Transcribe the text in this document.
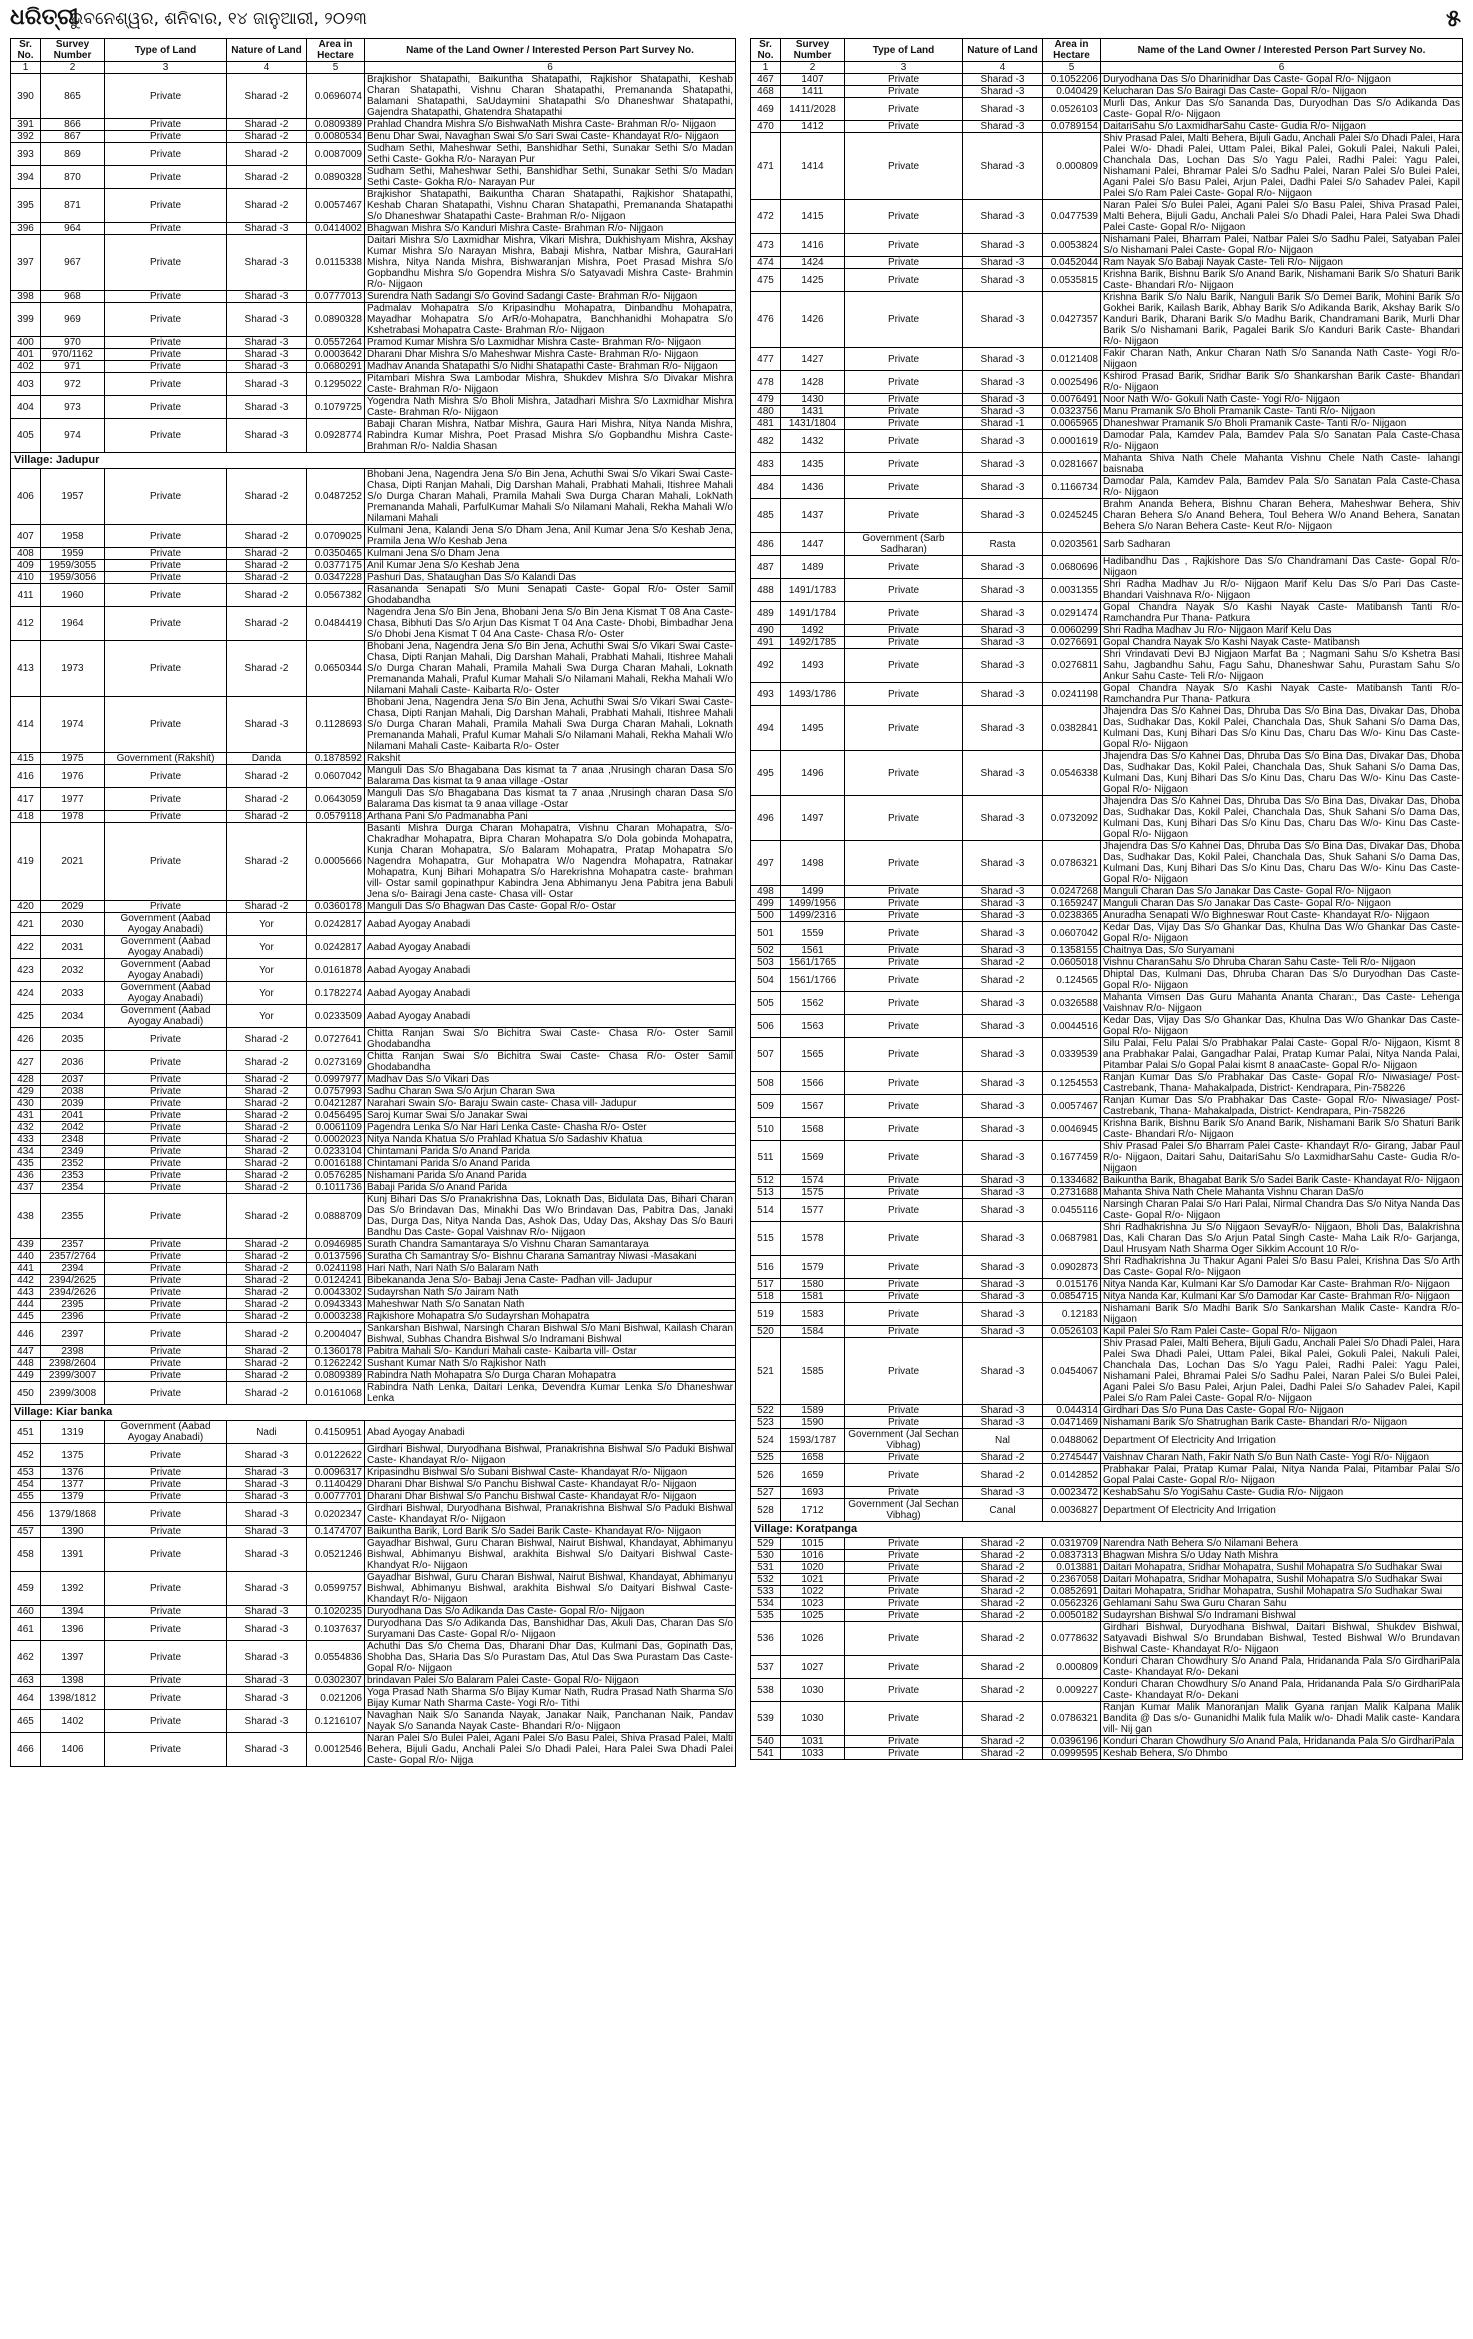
ଧରିତ୍ରୀ
ଭୁବନେଶ୍ୱର, ଶନିବାର, ୧୪ ଜାନୁଆରୀ, ୨୦୨୩	୫
Sr. No.	Survey Number	Type of Land	Nature of Land	Area in Hectare	Name of the Land Owner / Interested Person Part Survey No.
1	2	3	4	5	6
390	865	Private	Sharad -2	0.0696074	Brajkishor Shatapathi, Baikuntha Shatapathi, Rajkishor Shatapathi, Keshab Charan Shatapathi, Vishnu Charan Shatapathi, Premananda Shatapathi, Balamani Shatapathi, SaUdaymini Shatapathi S/o Dhaneshwar Shatapathi, Gajendra Shatapathi, Ghatendra Shatapathi
391	866	Private	Sharad -2	0.0809389	Prahlad Chandra Mishra S/o BishwaNath Mishra Caste- Brahman R/o- Nijgaon
392	867	Private	Sharad -2	0.0080534	Benu Dhar Swai, Navaghan Swai S/o Sari Swai Caste- Khandayat R/o- Nijgaon
393	869	Private	Sharad -2	0.0087009	Sudham Sethi, Maheshwar Sethi, Banshidhar Sethi, Sunakar Sethi S/o Madan Sethi Caste- Gokha R/o- Narayan Pur
394	870	Private	Sharad -2	0.0890328	Sudham Sethi, Maheshwar Sethi, Banshidhar Sethi, Sunakar Sethi S/o Madan Sethi Caste- Gokha R/o- Narayan Pur
395	871	Private	Sharad -2	0.0057467	Brajkishor Shatapathi, Baikuntha Charan Shatapathi, Rajkishor Shatapathi, Keshab Charan Shatapathi, Vishnu Charan Shatapathi, Premananda Shatapathi S/o Dhaneshwar Shatapathi Caste- Brahman R/o- Nijgaon
396	964	Private	Sharad -3	0.0414002	Bhagwan Mishra S/o Kanduri Mishra Caste- Brahman R/o- Nijgaon
397	967	Private	Sharad -3	0.0115338	Daitari Mishra S/o Laxmidhar Mishra, Vikari Mishra, Dukhishyam Mishra, Akshay Kumar Mishra S/o Narayan Mishra, Babaji Mishra, Natbar Mishra, GauraHari Mishra, Nitya Nanda Mishra, Bishwaranjan Mishra, Poet Prasad Mishra S/o Gopbandhu Mishra S/o Gopendra Mishra S/o Satyavadi Mishra Caste- Brahmin R/o- Nijgaon
398	968	Private	Sharad -3	0.0777013	Surendra Nath Sadangi S/o Govind Sadangi Caste- Brahman R/o- Nijgaon
399	969	Private	Sharad -3	0.0890328	Padmalav Mohapatra S/o Kripasindhu Mohapatra, Dinbandhu Mohapatra, Mayadhar Mohapatra S/o ArR/o-Mohapatra, Banchhanidhi Mohapatra S/o Kshetrabasi Mohapatra Caste- Brahman R/o- Nijgaon
400	970	Private	Sharad -3	0.0557264	Pramod Kumar Mishra S/o Laxmidhar Mishra Caste- Brahman R/o- Nijgaon
401	970/1162	Private	Sharad -3	0.0003642	Dharani Dhar Mishra S/o Maheshwar Mishra Caste- Brahman R/o- Nijgaon
402	971	Private	Sharad -3	0.0680291	Madhav Ananda Shatapathi S/o Nidhi Shatapathi Caste- Brahman R/o- Nijgaon
403	972	Private	Sharad -3	0.1295022	Pitambari Mishra Swa Lambodar Mishra, Shukdev Mishra S/o Divakar Mishra Caste- Brahman R/o- Nijgaon
404	973	Private	Sharad -3	0.1079725	Yogendra Nath Mishra S/o Bholi Mishra, Jatadhari Mishra S/o Laxmidhar Mishra Caste- Brahman R/o- Nijgaon
405	974	Private	Sharad -3	0.0928774	Babaji Charan Mishra, Natbar Mishra, Gaura Hari Mishra, Nitya Nanda Mishra, Rabindra Kumar Mishra, Poet Prasad Mishra S/o Gopbandhu Mishra Caste- Brahman R/o- Naldia Shasan
Village: Jadupur					
406	1957	Private	Sharad -2	0.0487252	Bhobani Jena, Nagendra Jena S/o Bin Jena, Achuthi Swai S/o Vikari Swai Caste- Chasa, Dipti Ranjan Mahali, Dig Darshan Mahali, Prabhati Mahali, Itishree Mahali S/o Durga Charan Mahali, Pramila Mahali Swa Durga Charan Mahali, LokNath Premananda Mahali, ParfulKumar Mahali S/o Nilamani Mahali, Rekha Mahali W/o Nilamani Mahali
407	1958	Private	Sharad -2	0.0709025	Kulmani Jena, Kalandi Jena S/o Dham Jena, Anil Kumar Jena S/o Keshab Jena, Pramila Jena W/o Keshab Jena
408	1959	Private	Sharad -2	0.0350465	Kulmani Jena S/o Dham Jena
409	1959/3055	Private	Sharad -2	0.0377175	Anil Kumar Jena S/o Keshab Jena
410	1959/3056	Private	Sharad -2	0.0347228	Pashuri Das, Shataughan Das S/o Kalandi Das
411	1960	Private	Sharad -2	0.0567382	Rasananda Senapati S/o Muni Senapati Caste- Gopal R/o- Oster Samil Ghodabandha
412	1964	Private	Sharad -2	0.0484419	Nagendra Jena S/o Bin Jena, Bhobani Jena S/o Bin Jena Kismat T 08 Ana Caste- Chasa, Bibhuti Das S/o Arjun Das Kismat T 04 Ana Caste- Dhobi, Bimbadhar Jena S/o Dhobi Jena Kismat T 04 Ana Caste- Chasa R/o- Oster
413	1973	Private	Sharad -2	0.0650344	Bhobani Jena, Nagendra Jena S/o Bin Jena, Achuthi Swai S/o Vikari Swai Caste- Chasa, Dipti Ranjan Mahali, Dig Darshan Mahali, Prabhati Mahali, Itishree Mahali S/o Durga Charan Mahali, Pramila Mahali Swa Durga Charan Mahali, Loknath Premananda Mahali, Praful Kumar Mahali S/o Nilamani Mahali, Rekha Mahali W/o Nilamani Mahali Caste- Kaibarta R/o- Oster
414	1974	Private	Sharad -3	0.1128693	Bhobani Jena, Nagendra Jena S/o Bin Jena, Achuthi Swai S/o Vikari Swai Caste- Chasa, Dipti Ranjan Mahali, Dig Darshan Mahali, Prabhati Mahali, Itishree Mahali S/o Durga Charan Mahali, Pramila Mahali Swa Durga Charan Mahali, Loknath Premananda Mahali, Praful Kumar Mahali S/o Nilamani Mahali, Rekha Mahali W/o Nilamani Mahali Caste- Kaibarta R/o- Oster
415	1975	Government (Rakshit)	Danda	0.1878592	Rakshit
416	1976	Private	Sharad -2	0.0607042	Manguli Das S/o Bhagabana Das kismat ta 7 anaa ,Nrusingh charan Dasa S/o Balarama Das kismat ta 9 anaa village -Ostar
417	1977	Private	Sharad -2	0.0643059	Manguli Das S/o Bhagabana Das kismat ta 7 anaa ,Nrusingh charan Dasa S/o Balarama Das kismat ta 9 anaa village -Ostar
418	1978	Private	Sharad -2	0.0579118	Arthana Pani S/o Padmanabha Pani
419	2021	Private	Sharad -2	0.0005666	Basanti Mishra Durga Charan Mohapatra, Vishnu Charan Mohapatra, S/o- Chakradhar Mohapatra, Bipra Charan Mohapatra S/o Dola gobinda Mohapatra, Kunja Charan Mohapatra, S/o Balaram Mohapatra, Pratap Mohapatra S/o Nagendra Mohapatra, Gur Mohapatra W/o Nagendra Mohapatra, Ratnakar Mohapatra, Kunj Bihari Mohapatra S/o Harekrishna Mohapatra caste- brahman vill- Ostar samil gopinathpur Kabindra Jena Abhimanyu Jena Pabitra jena Babuli Jena s/o- Bairagi Jena caste- Chasa vill- Ostar
420	2029	Private	Sharad -2	0.0360178	Manguli Das S/o Bhagwan Das Caste- Gopal R/o- Ostar
421	2030	Government (Aabad Ayogay Anabadi)	Yor	0.0242817	Aabad Ayogay Anabadi
422	2031	Government (Aabad Ayogay Anabadi)	Yor	0.0242817	Aabad Ayogay Anabadi
423	2032	Government (Aabad Ayogay Anabadi)	Yor	0.0161878	Aabad Ayogay Anabadi
424	2033	Government (Aabad Ayogay Anabadi)	Yor	0.1782274	Aabad Ayogay Anabadi
425	2034	Government (Aabad Ayogay Anabadi)	Yor	0.0233509	Aabad Ayogay Anabadi
426	2035	Private	Sharad -2	0.0727641	Chitta Ranjan Swai S/o Bichitra Swai Caste- Chasa R/o- Oster Samil Ghodabandha
427	2036	Private	Sharad -2	0.0273169	Chitta Ranjan Swai S/o Bichitra Swai Caste- Chasa R/o- Oster Samil Ghodabandha
428	2037	Private	Sharad -2	0.0997977	Madhav Das S/o Vikari Das
429	2038	Private	Sharad -2	0.0757993	Sadhu Charan Swa S/o Arjun Charan Swa
430	2039	Private	Sharad -2	0.0421287	Narahari Swain S/o- Baraju Swain caste- Chasa vill- Jadupur
431	2041	Private	Sharad -2	0.0456495	Saroj Kumar Swai S/o Janakar Swai
432	2042	Private	Sharad -2	0.0061109	Pagendra Lenka S/o Nar Hari Lenka Caste- Chasha R/o- Oster
433	2348	Private	Sharad -2	0.0002023	Nitya Nanda Khatua S/o Prahlad Khatua S/o Sadashiv Khatua
434	2349	Private	Sharad -2	0.0233104	Chintamani Parida S/o Anand Parida
435	2352	Private	Sharad -2	0.0016188	Chintamani Parida S/o Anand Parida
436	2353	Private	Sharad -2	0.0576285	Nishamani Parida S/o Anand Parida
437	2354	Private	Sharad -2	0.1011736	Babaji Parida S/o Anand Parida
438	2355	Private	Sharad -2	0.0888709	Kunj Bihari Das S/o Pranakrishna Das, Loknath Das, Bidulata Das, Bihari Charan Das S/o Brindavan Das, Minakhi Das W/o Brindavan Das, Pabitra Das, Janaki Das, Durga Das, Nitya Nanda Das, Ashok Das, Uday Das, Akshay Das S/o Bauri Bandhu Das Caste- Gopal Vaishnav R/o- Nijgaon
439	2357	Private	Sharad -2	0.0946985	Surath Chandra Samantaraya S/o Vishnu Charan Samantaraya
440	2357/2764	Private	Sharad -2	0.0137596	Suratha Ch Samantray S/o- Bishnu Charana Samantray Niwasi -Masakani
441	2394	Private	Sharad -2	0.0241198	Hari Nath, Nari Nath S/o Balaram Nath
442	2394/2625	Private	Sharad -2	0.0124241	Bibekananda Jena S/o- Babaji Jena Caste- Padhan vill- Jadupur
443	2394/2626	Private	Sharad -2	0.0043302	Sudayrshan Nath S/o Jairam Nath
444	2395	Private	Sharad -2	0.0943343	Maheshwar Nath S/o Sanatan Nath
445	2396	Private	Sharad -2	0.0003238	Rajkishore Mohapatra S/o Sudayrshan Mohapatra
446	2397	Private	Sharad -2	0.2004047	Sankarshan Bishwal, Narsingh Charan Bishwal S/o Mani Bishwal, Kailash Charan Bishwal, Subhas Chandra Bishwal S/o Indramani Bishwal
447	2398	Private	Sharad -2	0.1360178	Pabitra Mahali S/o- Kanduri Mahali caste- Kaibarta vill- Ostar
448	2398/2604	Private	Sharad -2	0.1262242	Sushant Kumar Nath S/o Rajkishor Nath
449	2399/3007	Private	Sharad -2	0.0809389	Rabindra Nath Mohapatra S/o Durga Charan Mohapatra
450	2399/3008	Private	Sharad -2	0.0161068	Rabindra Nath Lenka, Daitari Lenka, Devendra Kumar Lenka S/o Dhaneshwar Lenka
Village: Kiar banka					
451	1319	Government (Aabad Ayogay Anabadi)	Nadi	0.4150951	Abad Ayogay Anabadi
452	1375	Private	Sharad -3	0.0122622	Girdhari Bishwal, Duryodhana Bishwal, Pranakrishna Bishwal S/o Paduki Bishwal Caste- Khandayat R/o- Nijgaon
453	1376	Private	Sharad -3	0.0096317	Kripasindhu Bishwal S/o Subani Bishwal Caste- Khandayat R/o- Nijgaon
454	1377	Private	Sharad -3	0.1140429	Dharani Dhar Bishwal S/o Panchu Bishwal Caste- Khandayat R/o- Nijgaon
455	1379	Private	Sharad -3	0.0077701	Dharani Dhar Bishwal S/o Panchu Bishwal Caste- Khandayat R/o- Nijgaon
456	1379/1868	Private	Sharad -3	0.0202347	Girdhari Bishwal, Duryodhana Bishwal, Pranakrishna Bishwal S/o Paduki Bishwal Caste- Khandayat R/o- Nijgaon
457	1390	Private	Sharad -3	0.1474707	Baikuntha Barik, Lord Barik S/o Sadei Barik Caste- Khandayat R/o- Nijgaon
458	1391	Private	Sharad -3	0.0521246	Gayadhar Bishwal, Guru Charan Bishwal, Nairut Bishwal, Khandayat, Abhimanyu Bishwal, Abhimanyu Bishwal, arakhita Bishwal S/o Daityari Bishwal Caste- Khandyat R/o- Nijgaon
459	1392	Private	Sharad -3	0.0599757	Gayadhar Bishwal, Guru Charan Bishwal, Nairut Bishwal, Khandayat, Abhimanyu Bishwal, Abhimanyu Bishwal, arakhita Bishwal S/o Daityari Bishwal Caste- Khandayt R/o- Nijgaon
460	1394	Private	Sharad -3	0.1020235	Duryodhana Das S/o Adikanda Das Caste- Gopal R/o- Nijgaon
461	1396	Private	Sharad -3	0.1037637	Duryodhana Das S/o Adikanda Das, Banshidhar Das, Akuli Das, Charan Das S/o Suryamani Das Caste- Gopal R/o- Nijgaon
462	1397	Private	Sharad -3	0.0554836	Achuthi Das S/o Chema Das, Dharani Dhar Das, Kulmani Das, Gopinath Das, Shobha Das, SHaria Das S/o Purastam Das, Atul Das Swa Purastam Das Caste- Gopal R/o- Nijgaon
463	1398	Private	Sharad -3	0.0302307	brindavan Palei S/o Balaram Palei Caste- Gopal R/o- Nijgaon
464	1398/1812	Private	Sharad -3	0.021206	Yoga Prasad Nath Sharma S/o Bijay Kumar Nath, Rudra Prasad Nath Sharma S/o Bijay Kumar Nath Sharma Caste- Yogi R/o- Tithi
465	1402	Private	Sharad -3	0.1216107	Navaghan Naik S/o Sananda Nayak, Janakar Naik, Panchanan Naik, Pandav Nayak S/o Sananda Nayak Caste- Bhandari R/o- Nijgaon
466	1406	Private	Sharad -3	0.0012546	Naran Palei S/o Bulei Palei, Agani Palei S/o Basu Palei, Shiva Prasad Palei, Malti Behera, Bijuli Gadu, Anchali Palei S/o Dhadi Palei, Hara Palei Swa Dhadi Palei Caste- Gopal R/o- Nijga
Sr. No.	Survey Number	Type of Land	Nature of Land	Area in Hectare	Name of the Land Owner / Interested Person Part Survey No.
1	2	3	4	5	6
467	1407	Private	Sharad -3	0.1052206	Duryodhana Das S/o Dharinidhar Das Caste- Gopal R/o- Nijgaon
468	1411	Private	Sharad -3	0.040429	Kelucharan Das S/o Bairagi Das Caste- Gopal R/o- Nijgaon
469	1411/2028	Private	Sharad -3	0.0526103	Murli Das, Ankur Das S/o Sananda Das, Duryodhan Das S/o Adikanda Das Caste- Gopal R/o- Nijgaon
470	1412	Private	Sharad -3	0.0789154	DaitariSahu S/o LaxmidharSahu Caste- Gudia R/o- Nijgaon
471	1414	Private	Sharad -3	0.000809	Shiv Prasad Palei, Malti Behera, Bijuli Gadu, Anchali Palei S/o Dhadi Palei, Hara Palei W/o- Dhadi Palei, Uttam Palei, Bikal Palei, Gokuli Palei, Nakuli Palei, Chanchala Das, Lochan Das S/o Yagu Palei, Radhi Palei: Yagu Palei, Nishamani Palei, Bhramar Palei S/o Sadhu Palei, Naran Palei S/o Bulei Palei, Agani Palei S/o Basu Palei, Arjun Palei, Dadhi Palei S/o Sahadev Palei, Kapil Palei S/o Ram Palei Caste- Gopal R/o- Nijgaon
472	1415	Private	Sharad -3	0.0477539	Naran Palei S/o Bulei Palei, Agani Palei S/o Basu Palei, Shiva Prasad Palei, Malti Behera, Bijuli Gadu, Anchali Palei S/o Dhadi Palei, Hara Palei Swa Dhadi Palei Caste- Gopal R/o- Nijgaon
473	1416	Private	Sharad -3	0.0053824	Nishamani Palei, Bharram Palei, Natbar Palei S/o Sadhu Palei, Satyaban Palei S/o Nishamani Palei Caste- Gopal R/o- Nijgaon
474	1424	Private	Sharad -3	0.0452044	Ram Nayak S/o Babaji Nayak Caste- Teli R/o- Nijgaon
475	1425	Private	Sharad -3	0.0535815	Krishna Barik, Bishnu Barik S/o Anand Barik, Nishamani Barik S/o Shaturi Barik Caste- Bhandari R/o- Nijgaon
476	1426	Private	Sharad -3	0.0427357	Krishna Barik S/o Nalu Barik, Nanguli Barik S/o Demei Barik, Mohini Barik S/o Gokhei Barik, Kailash Barik, Abhay Barik S/o Adikanda Barik, Akshay Barik S/o Kanduri Barik, Dharani Barik S/o Madhu Barik, Chandramani Barik, Murli Dhar Barik S/o Nishamani Barik, Pagalei Barik S/o Kanduri Barik Caste- Bhandari R/o- Nijgaon
477	1427	Private	Sharad -3	0.0121408	Fakir Charan Nath, Ankur Charan Nath S/o Sananda Nath Caste- Yogi R/o- Nijgaon
478	1428	Private	Sharad -3	0.0025496	Kshirod Prasad Barik, Sridhar Barik S/o Shankarshan Barik Caste- Bhandari R/o- Nijgaon
479	1430	Private	Sharad -3	0.0076491	Noor Nath W/o- Gokuli Nath Caste- Yogi R/o- Nijgaon
480	1431	Private	Sharad -3	0.0323756	Manu Pramanik S/o Bholi Pramanik Caste- Tanti R/o- Nijgaon
481	1431/1804	Private	Sharad -1	0.0065965	Dhaneshwar Pramanik S/o Bholi Pramanik Caste- Tanti R/o- Nijgaon
482	1432	Private	Sharad -3	0.0001619	Damodar Pala, Kamdev Pala, Bamdev Pala S/o Sanatan Pala Caste-Chasa R/o- Nijgaon
483	1435	Private	Sharad -3	0.0281667	Mahanta Shiva Nath Chele Mahanta Vishnu Chele Nath Caste- lahangi baisnaba
484	1436	Private	Sharad -3	0.1166734	Damodar Pala, Kamdev Pala, Bamdev Pala S/o Sanatan Pala Caste-Chasa R/o- Nijgaon
485	1437	Private	Sharad -3	0.0245245	Brahm Ananda Behera, Bishnu Charan Behera, Maheshwar Behera, Shiv Charan Behera S/o Anand Behera, Toul Behera W/o Anand Behera, Sanatan Behera S/o Naran Behera Caste- Keut R/o- Nijgaon
486	1447	Government (Sarb Sadharan)	Rasta	0.0203561	Sarb Sadharan
487	1489	Private	Sharad -3	0.0680696	Hadibandhu Das , Rajkishore Das S/o Chandramani Das Caste- Gopal R/o- Nijgaon
488	1491/1783	Private	Sharad -3	0.0031355	Shri Radha Madhav Ju R/o- Nijgaon Marif Kelu Das S/o Pari Das Caste- Bhandari Vaishnava R/o- Nijgaon
489	1491/1784	Private	Sharad -3	0.0291474	Gopal Chandra Nayak S/o Kashi Nayak Caste- Matibansh Tanti R/o- Ramchandra Pur Thana- Patkura
490	1492	Private	Sharad -3	0.0060299	Shri Radha Madhav Ju R/o- Nijgaon Marif Kelu Das
491	1492/1785	Private	Sharad -3	0.0276691	Gopal Chandra Nayak S/o Kashi Nayak Caste- Matibansh
492	1493	Private	Sharad -3	0.0276811	Shri Vrindavati Devi BJ Nigjaon Marfat Ba ; Nagmani Sahu S/o Kshetra Basi Sahu, Jagbandhu Sahu, Fagu Sahu, Dhaneshwar Sahu, Purastam Sahu S/o Ankur Sahu Caste- Teli R/o- Nijgaon
493	1493/1786	Private	Sharad -3	0.0241198	Gopal Chandra Nayak S/o Kashi Nayak Caste- Matibansh Tanti R/o- Ramchandra Pur Thana- Patkura
494	1495	Private	Sharad -3	0.0382841	Jhajendra Das S/o Kahnei Das, Dhruba Das S/o Bina Das, Divakar Das, Dhoba Das, Sudhakar Das, Kokil Palei, Chanchala Das, Shuk Sahani S/o Dama Das, Kulmani Das, Kunj Bihari Das S/o Kinu Das, Charu Das W/o- Kinu Das Caste- Gopal R/o- Nijgaon
495	1496	Private	Sharad -3	0.0546338	Jhajendra Das S/o Kahnei Das, Dhruba Das S/o Bina Das, Divakar Das, Dhoba Das, Sudhakar Das, Kokil Palei, Chanchala Das, Shuk Sahani S/o Dama Das, Kulmani Das, Kunj Bihari Das S/o Kinu Das, Charu Das W/o- Kinu Das Caste- Gopal R/o- Nijgaon
496	1497	Private	Sharad -3	0.0732092	Jhajendra Das S/o Kahnei Das, Dhruba Das S/o Bina Das, Divakar Das, Dhoba Das, Sudhakar Das, Kokil Palei, Chanchala Das, Shuk Sahani S/o Dama Das, Kulmani Das, Kunj Bihari Das S/o Kinu Das, Charu Das W/o- Kinu Das Caste- Gopal R/o- Nijgaon
497	1498	Private	Sharad -3	0.0786321	Jhajendra Das S/o Kahnei Das, Dhruba Das S/o Bina Das, Divakar Das, Dhoba Das, Sudhakar Das, Kokil Palei, Chanchala Das, Shuk Sahani S/o Dama Das, Kulmani Das, Kunj Bihari Das S/o Kinu Das, Charu Das W/o- Kinu Das Caste- Gopal R/o- Nijgaon
498	1499	Private	Sharad -3	0.0247268	Manguli Charan Das S/o Janakar Das Caste- Gopal R/o- Nijgaon
499	1499/1956	Private	Sharad -3	0.1659247	Manguli Charan Das S/o Janakar Das Caste- Gopal R/o- Nijgaon
500	1499/2316	Private	Sharad -3	0.0238365	Anuradha Senapati W/o Bighneswar Rout Caste- Khandayat R/o- Nijgaon
501	1559	Private	Sharad -3	0.0607042	Kedar Das, Vijay Das S/o Ghankar Das, Khulna Das W/o Ghankar Das Caste- Gopal R/o- Nijgaon
502	1561	Private	Sharad -3	0.1358155	Chaitnya Das, S/o Suryamani
503	1561/1765	Private	Sharad -2	0.0605018	Vishnu CharanSahu S/o Dhruba Charan Sahu Caste- Teli R/o- Nijgaon
504	1561/1766	Private	Sharad -2	0.124565	Dhiptal Das, Kulmani Das, Dhruba Charan Das S/o Duryodhan Das Caste- Gopal R/o- Nijgaon
505	1562	Private	Sharad -3	0.0326588	Mahanta Vimsen Das Guru Mahanta Ananta Charan:, Das Caste- Lehenga Vaishnav R/o- Nijgaon
506	1563	Private	Sharad -3	0.0044516	Kedar Das, Vijay Das S/o Ghankar Das, Khulna Das W/o Ghankar Das Caste- Gopal R/o- Nijgaon
507	1565	Private	Sharad -3	0.0339539	Silu Palai, Felu Palai S/o Prabhakar Palai Caste- Gopal R/o- Nijgaon, Kismt 8 ana Prabhakar Palai, Gangadhar Palai, Pratap Kumar Palai, Nitya Nanda Palai, Pitambar Palai S/o Gopal Palai kismt 8 anaaCaste- Gopal R/o- Nijgaon
508	1566	Private	Sharad -3	0.1254553	Ranjan Kumar Das S/o Prabhakar Das Caste- Gopal R/o- Niwasiage/ Post-Castrebank, Thana- Mahakalpada, District- Kendrapara, Pin-758226
509	1567	Private	Sharad -3	0.0057467	Ranjan Kumar Das S/o Prabhakar Das Caste- Gopal R/o- Niwasiage/ Post-Castrebank, Thana- Mahakalpada, District- Kendrapara, Pin-758226
510	1568	Private	Sharad -3	0.0046945	Krishna Barik, Bishnu Barik S/o Anand Barik, Nishamani Barik S/o Shaturi Barik Caste- Bhandari R/o- Nijgaon
511	1569	Private	Sharad -3	0.1677459	Shiv Prasad Palei S/o Bharram Palei Caste- Khandayt R/o- Girang, Jabar Paul R/o- Nijgaon, Daitari Sahu, DaitariSahu S/o LaxmidharSahu Caste- Gudia R/o- Nijgaon
512	1574	Private	Sharad -3	0.1334682	Baikuntha Barik, Bhagabat Barik S/o Sadei Barik Caste- Khandayat R/o- Nijgaon
513	1575	Private	Sharad -3	0.2731688	Mahanta Shiva Nath Chele Mahanta Vishnu Charan DaS/o
514	1577	Private	Sharad -3	0.0455116	Narsingh Charan Palai S/o Hari Palai, Nirmal Chandra Das S/o Nitya Nanda Das Caste- Gopal R/o- Nijgaon
515	1578	Private	Sharad -3	0.0687981	Shri Radhakrishna Ju S/o Nijgaon SevayR/o- Nijgaon, Bholi Das, Balakrishna Das, Kali Charan Das S/o Arjun Patal Singh Caste- Maha Laik R/o- Garjanga, Daul Hrusyam Nath Sharma Oger Sikkim Account 10 R/o-
516	1579	Private	Sharad -3	0.0902873	Shri Radhakrishna Ju Thakur Agani Palei S/o Basu Palei, Krishna Das S/o Arth Das Caste- Gopal R/o- Nijgaon
517	1580	Private	Sharad -3	0.015176	Nitya Nanda Kar, Kulmani Kar S/o Damodar Kar Caste- Brahman R/o- Nijgaon
518	1581	Private	Sharad -3	0.0854715	Nitya Nanda Kar, Kulmani Kar S/o Damodar Kar Caste- Brahman R/o- Nijgaon
519	1583	Private	Sharad -3	0.12183	Nishamani Barik S/o Madhi Barik S/o Sankarshan Malik Caste- Kandra R/o- Nijgaon
520	1584	Private	Sharad -3	0.0526103	Kapil Palei S/o Ram Palei Caste- Gopal R/o- Nijgaon
521	1585	Private	Sharad -3	0.0454067	Shiv Prasad Palei, Malti Behera, Bijuli Gadu, Anchali Palei S/o Dhadi Palei, Hara Palei Swa Dhadi Palei, Uttam Palei, Bikal Palei, Gokuli Palei, Nakuli Palei, Chanchala Das, Lochan Das S/o Yagu Palei, Radhi Palei: Yagu Palei, Nishamani Palei, Bhramai Palei S/o Sadhu Palei, Naran Palei S/o Bulei Palei, Agani Palei S/o Basu Palei, Arjun Palei, Dadhi Palei S/o Sahadev Palei, Kapil Palei S/o Ram Palei Caste- Gopal R/o- Nijgaon
522	1589	Private	Sharad -3	0.044314	Girdhari Das S/o Puna Das Caste- Gopal R/o- Nijgaon
523	1590	Private	Sharad -3	0.0471469	Nishamani Barik S/o Shatrughan Barik Caste- Bhandari R/o- Nijgaon
524	1593/1787	Government (Jal Sechan Vibhag)	Nal	0.0488062	Department Of Electricity And Irrigation
525	1658	Private	Sharad -2	0.2745447	Vaishnav Charan Nath, Fakir Nath S/o Bun Nath Caste- Yogi R/o- Nijgaon
526	1659	Private	Sharad -2	0.0142852	Prabhakar Palai, Pratap Kumar Palai, Nitya Nanda Palai, Pitambar Palai S/o Gopal Palai Caste- Gopal R/o- Nijgaon
527	1693	Private	Sharad -3	0.0023472	KeshabSahu S/o YogiSahu Caste- Gudia R/o- Nijgaon
528	1712	Government (Jal Sechan Vibhag)	Canal	0.0036827	Department Of Electricity And Irrigation
Village: Koratpanga					
529	1015	Private	Sharad -2	0.0319709	Narendra Nath Behera S/o Nilamani Behera
530	1016	Private	Sharad -2	0.0837313	Bhagwan Mishra S/o Uday Nath Mishra
531	1020	Private	Sharad -2	0.013881	Daitari Mohapatra, Sridhar Mohapatra, Sushil Mohapatra S/o Sudhakar Swai
532	1021	Private	Sharad -2	0.2367058	Daitari Mohapatra, Sridhar Mohapatra, Sushil Mohapatra S/o Sudhakar Swai
533	1022	Private	Sharad -2	0.0852691	Daitari Mohapatra, Sridhar Mohapatra, Sushil Mohapatra S/o Sudhakar Swai
534	1023	Private	Sharad -2	0.0562326	Gehlamani Sahu Swa Guru Charan Sahu
535	1025	Private	Sharad -2	0.0050182	Sudayrshan Bishwal S/o Indramani Bishwal
536	1026	Private	Sharad -2	0.0778632	Girdhari Bishwal, Duryodhana Bishwal, Daitari Bishwal, Shukdev Bishwal, Satyavadi Bishwal S/o Brundaban Bishwal, Tested Bishwal W/o Brundavan Bishwal Caste- Khandayat R/o- Nijgaon
537	1027	Private	Sharad -2	0.000809	Konduri Charan Chowdhury S/o Anand Pala, Hridananda Pala S/o GirdhariPala Caste- Khandayat R/o- Dekani
538	1030	Private	Sharad -2	0.009227	Konduri Charan Chowdhury S/o Anand Pala, Hridananda Pala S/o GirdhariPala Caste- Khandayat R/o- Dekani
539	1030	Private	Sharad -2	0.0786321	Ranjan Kumar Malik Manoranjan Malik Gyana ranjan Malik Kalpana Malik Bandita @ Das s/o- Gunanidhi Malik fula Malik w/o- Dhadi Malik caste- Kandara vill- Nij gan
540	1031	Private	Sharad -2	0.0396196	Konduri Charan Chowdhury S/o Anand Pala, Hridananda Pala S/o GirdhariPala
541	1033	Private	Sharad -2	0.0999595	Keshab Behera, S/o Dhmbo
